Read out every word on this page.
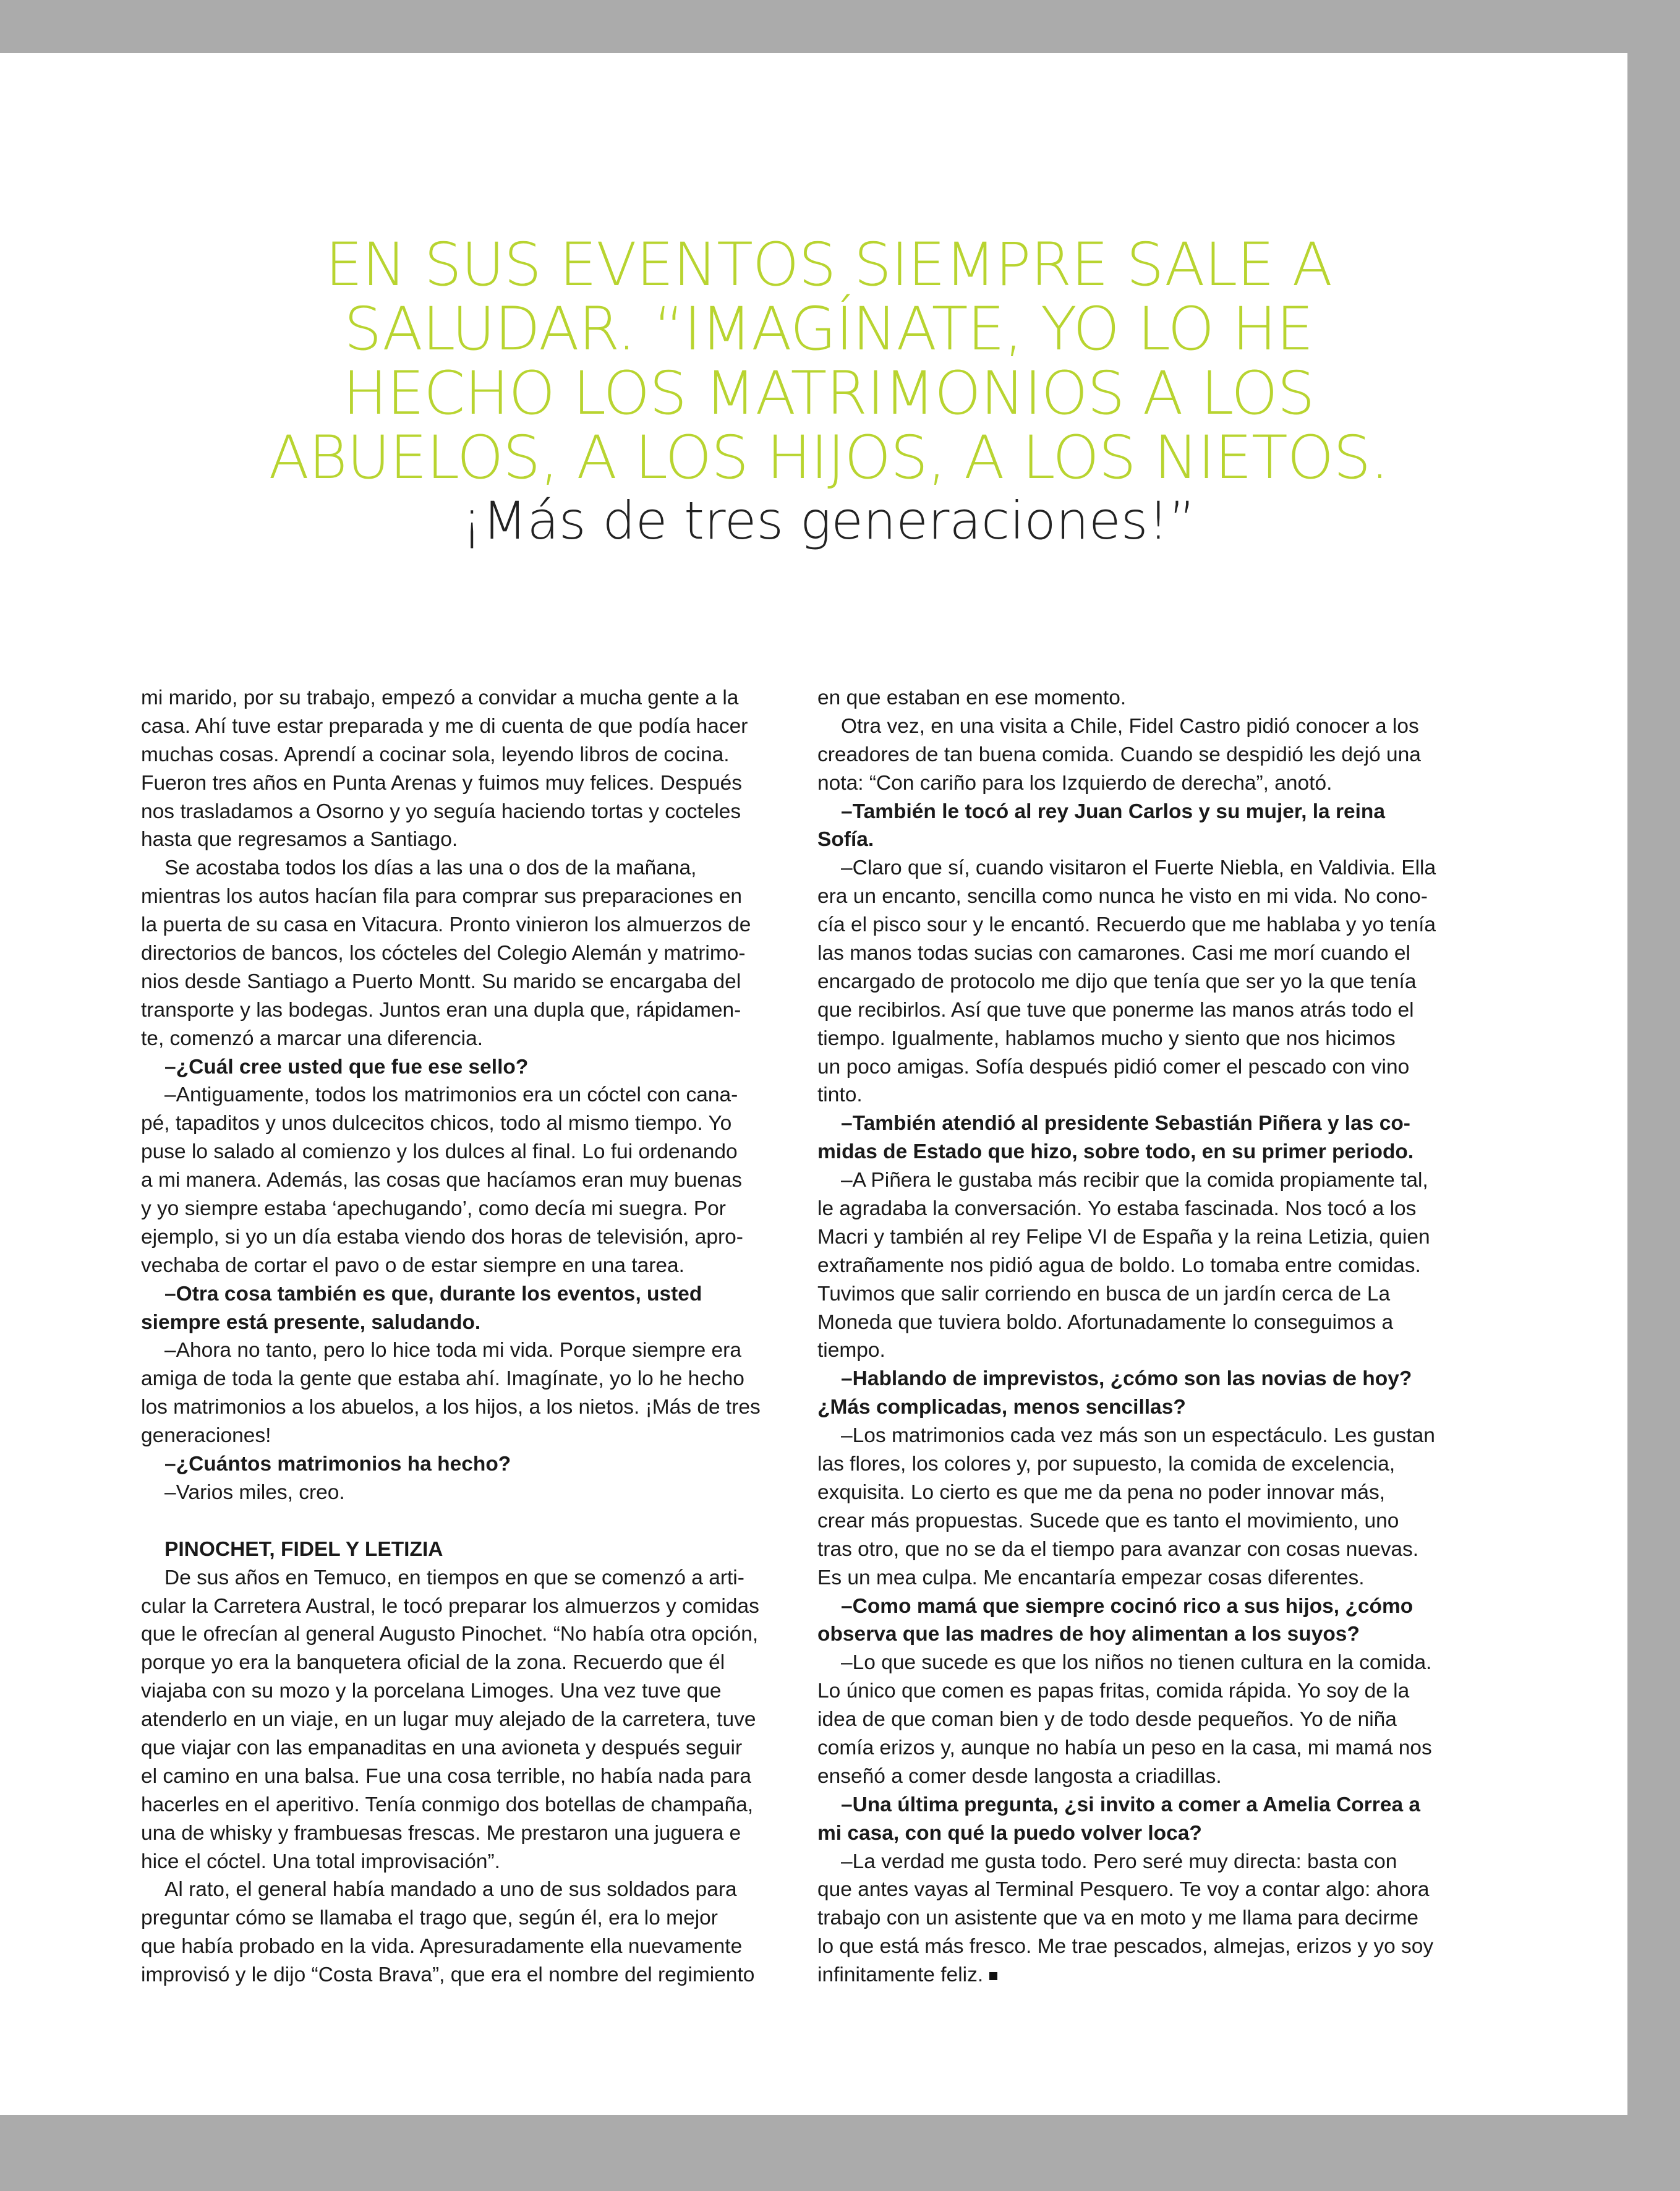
EN SUS EVENTOS SIEMPRE SALE A
SALUDAR. “IMAGÍNATE, YO LO HE
HECHO LOS MATRIMONIOS A LOS
ABUELOS, A LOS HIJOS, A LOS NIETOS.
¡Más de tres generaciones!”
mi marido, por su trabajo, empezó a convidar a mucha gente a la
casa. Ahí tuve estar preparada y me di cuenta de que podía hacer
muchas cosas. Aprendí a cocinar sola, leyendo libros de cocina.
Fueron tres años en Punta Arenas y fuimos muy felices. Después
nos trasladamos a Osorno y yo seguía haciendo tortas y cocteles
hasta que regresamos a Santiago.
Se acostaba todos los días a las una o dos de la mañana,
mientras los autos hacían fila para comprar sus preparaciones en
la puerta de su casa en Vitacura. Pronto vinieron los almuerzos de
directorios de bancos, los cócteles del Colegio Alemán y matrimo-
nios desde Santiago a Puerto Montt. Su marido se encargaba del
transporte y las bodegas. Juntos eran una dupla que, rápidamen-
te, comenzó a marcar una diferencia.
–¿Cuál cree usted que fue ese sello?
–Antiguamente, todos los matrimonios era un cóctel con cana-
pé, tapaditos y unos dulcecitos chicos, todo al mismo tiempo. Yo
puse lo salado al comienzo y los dulces al final. Lo fui ordenando
a mi manera. Además, las cosas que hacíamos eran muy buenas
y yo siempre estaba ‘apechugando’, como decía mi suegra. Por
ejemplo, si yo un día estaba viendo dos horas de televisión, apro-
vechaba de cortar el pavo o de estar siempre en una tarea.
–Otra cosa también es que, durante los eventos, usted
siempre está presente, saludando.
–Ahora no tanto, pero lo hice toda mi vida. Porque siempre era
amiga de toda la gente que estaba ahí. Imagínate, yo lo he hecho
los matrimonios a los abuelos, a los hijos, a los nietos. ¡Más de tres
generaciones!
–¿Cuántos matrimonios ha hecho?
–Varios miles, creo.
PINOCHET, FIDEL Y LETIZIA
De sus años en Temuco, en tiempos en que se comenzó a arti-
cular la Carretera Austral, le tocó preparar los almuerzos y comidas
que le ofrecían al general Augusto Pinochet. “No había otra opción,
porque yo era la banquetera oficial de la zona. Recuerdo que él
viajaba con su mozo y la porcelana Limoges. Una vez tuve que
atenderlo en un viaje, en un lugar muy alejado de la carretera, tuve
que viajar con las empanaditas en una avioneta y después seguir
el camino en una balsa. Fue una cosa terrible, no había nada para
hacerles en el aperitivo. Tenía conmigo dos botellas de champaña,
una de whisky y frambuesas frescas. Me prestaron una juguera e
hice el cóctel. Una total improvisación”.
Al rato, el general había mandado a uno de sus soldados para
preguntar cómo se llamaba el trago que, según él, era lo mejor
que había probado en la vida. Apresuradamente ella nuevamente
improvisó y le dijo “Costa Brava”, que era el nombre del regimiento
en que estaban en ese momento.
Otra vez, en una visita a Chile, Fidel Castro pidió conocer a los
creadores de tan buena comida. Cuando se despidió les dejó una
nota: “Con cariño para los Izquierdo de derecha”, anotó.
–También le tocó al rey Juan Carlos y su mujer, la reina
Sofía.
–Claro que sí, cuando visitaron el Fuerte Niebla, en Valdivia. Ella
era un encanto, sencilla como nunca he visto en mi vida. No cono-
cía el pisco sour y le encantó. Recuerdo que me hablaba y yo tenía
las manos todas sucias con camarones. Casi me morí cuando el
encargado de protocolo me dijo que tenía que ser yo la que tenía
que recibirlos. Así que tuve que ponerme las manos atrás todo el
tiempo. Igualmente, hablamos mucho y siento que nos hicimos
un poco amigas. Sofía después pidió comer el pescado con vino
tinto.
–También atendió al presidente Sebastián Piñera y las co-
midas de Estado que hizo, sobre todo, en su primer periodo.
–A Piñera le gustaba más recibir que la comida propiamente tal,
le agradaba la conversación. Yo estaba fascinada. Nos tocó a los
Macri y también al rey Felipe VI de España y la reina Letizia, quien
extrañamente nos pidió agua de boldo. Lo tomaba entre comidas.
Tuvimos que salir corriendo en busca de un jardín cerca de La
Moneda que tuviera boldo. Afortunadamente lo conseguimos a
tiempo.
–Hablando de imprevistos, ¿cómo son las novias de hoy?
¿Más complicadas, menos sencillas?
–Los matrimonios cada vez más son un espectáculo. Les gustan
las flores, los colores y, por supuesto, la comida de excelencia,
exquisita. Lo cierto es que me da pena no poder innovar más,
crear más propuestas. Sucede que es tanto el movimiento, uno
tras otro, que no se da el tiempo para avanzar con cosas nuevas.
Es un mea culpa. Me encantaría empezar cosas diferentes.
–Como mamá que siempre cocinó rico a sus hijos, ¿cómo
observa que las madres de hoy alimentan a los suyos?
–Lo que sucede es que los niños no tienen cultura en la comida.
Lo único que comen es papas fritas, comida rápida. Yo soy de la
idea de que coman bien y de todo desde pequeños. Yo de niña
comía erizos y, aunque no había un peso en la casa, mi mamá nos
enseñó a comer desde langosta a criadillas.
–Una última pregunta, ¿si invito a comer a Amelia Correa a
mi casa, con qué la puedo volver loca?
–La verdad me gusta todo. Pero seré muy directa: basta con
que antes vayas al Terminal Pesquero. Te voy a contar algo: ahora
trabajo con un asistente que va en moto y me llama para decirme
lo que está más fresco. Me trae pescados, almejas, erizos y yo soy
infinitamente feliz.
